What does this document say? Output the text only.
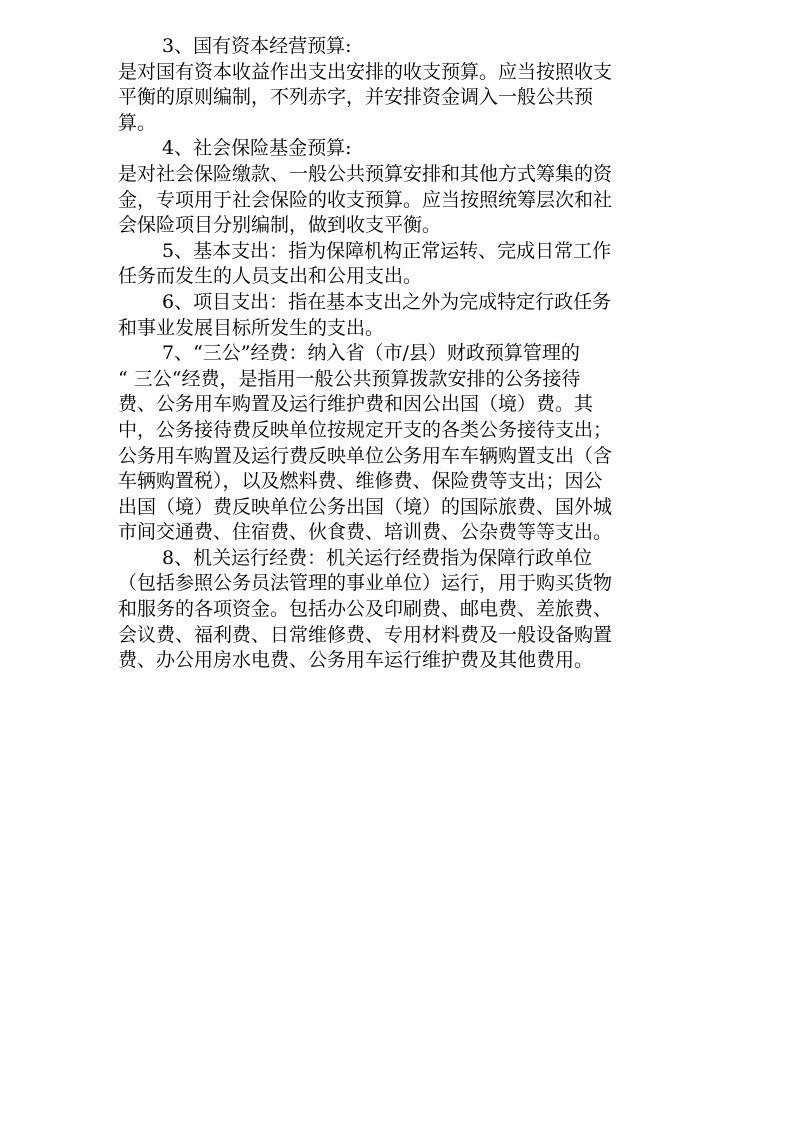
3、国有资本经营预算:

是对国有资本收益作出支出安排的收支预算。应当按照收支
平衡的原则编制，不列赤字，并安排资金调入一般公共预
算。

4、社会保险基金预算:

是对社会保险缴款、一般公共预算安排和其他方式筹集的资
金，专项用于社会保险的收支预算。应当按照统筹层次和社
会保险项目分别编制，做到收支平衡。

5、基本支出：指为保障机构正常运转、完成日常工作
任务而发生的人员支出和公用支出。

6、项目支出：指在基本支出之外为完成特定行政任务
和事业发展目标所发生的支出。

7、“三公”经费：纳入省（市/县）财政预算管理的
“ 三公“经费，是指用一般公共预算拨款安排的公务接待
费、公务用车购置及运行维护费和因公出国（境）费。其
中，公务接待费反映单位按规定开支的各类公务接待支出；
公务用车购置及运行费反映单位公务用车车辆购置支出（含
车辆购置税），以及燃料费、维修费、保险费等支出；因公
出国（境）费反映单位公务出国（境）的国际旅费、国外城
市间交通费、住宿费、伙食费、培训费、公杂费等等支出。

8、机关运行经费：机关运行经费指为保障行政单位
（包括参照公务员法管理的事业单位）运行，用于购买货物
和服务的各项资金。包括办公及印刷费、邮电费、差旅费、
会议费、福利费、日常维修费、专用材料费及一般设备购置
费、办公用房水电费、公务用车运行维护费及其他费用。
